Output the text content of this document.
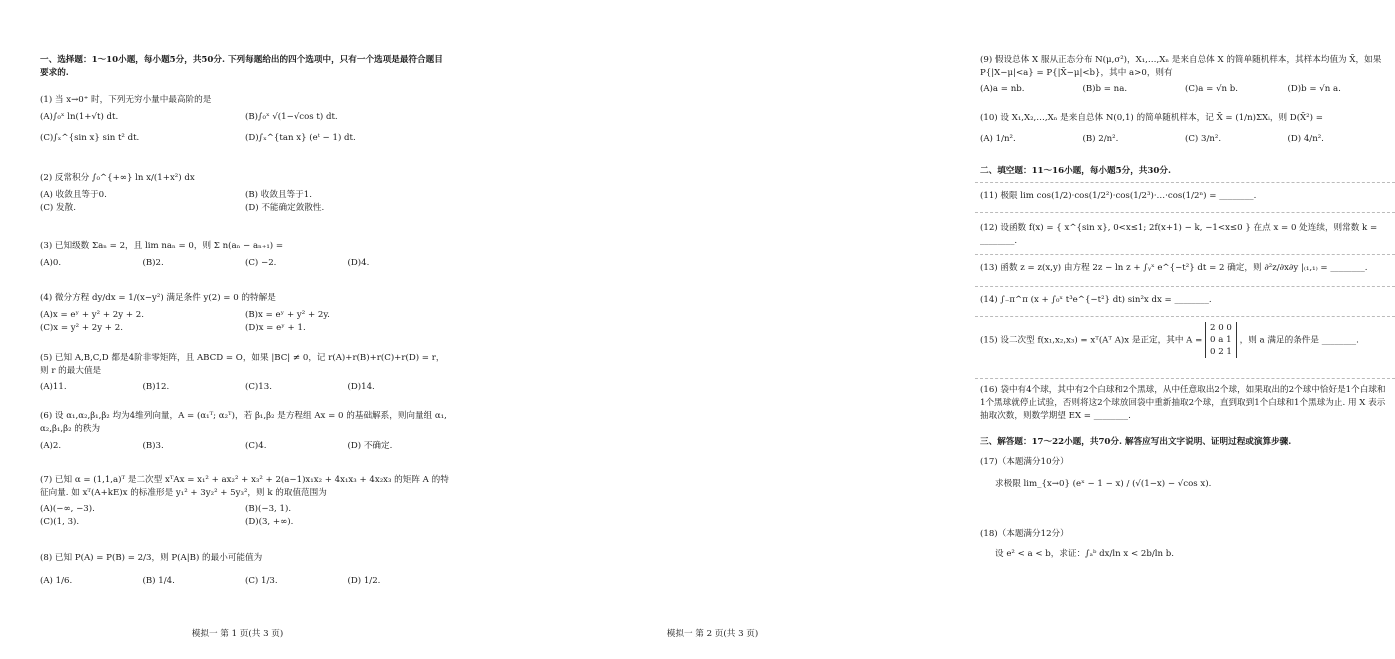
一、选择题：1～10小题，每小题5分，共50分. 下列每题给出的四个选项中，只有一个选项是最符合题目要求的.
(1) 当 x→0⁺ 时，下列无穷小量中最高阶的是
(A)∫₀ˣ ln(1+√t) dt.	(B)∫₀ˣ √(1−√cos t) dt.
(C)∫ₓ^{sin x} sin t² dt.	(D)∫ₓ^{tan x} (eᵗ − 1) dt.
(2) 反常积分 ∫₀^{+∞} ln x/(1+x²) dx
(A) 收敛且等于0.	(B) 收敛且等于1.
(C) 发散.	(D) 不能确定敛散性.
(3) 已知级数 Σaₙ = 2，且 lim naₙ = 0，则 Σ n(aₙ − aₙ₊₁) =
(A)0.	(B)2.	(C) −2.	(D)4.
(4) 微分方程 dy/dx = 1/(x−y²) 满足条件 y(2) = 0 的特解是
(A)x = eʸ + y² + 2y + 2.	(B)x = eʸ + y² + 2y.
(C)x = y² + 2y + 2.	(D)x = eʸ + 1.
(5) 已知 A,B,C,D 都是4阶非零矩阵，且 ABCD = O，如果 |BC| ≠ 0，记 r(A)+r(B)+r(C)+r(D) = r，则 r 的最大值是
(A)11.	(B)12.	(C)13.	(D)14.
(6) 设 α₁,α₂,β₁,β₂ 均为4维列向量，A = (α₁ᵀ; α₂ᵀ)，若 β₁,β₂ 是方程组 Ax = 0 的基础解系，则向量组 α₁, α₂,β₁,β₂ 的秩为
(A)2.	(B)3.	(C)4.	(D) 不确定.
(7) 已知 α = (1,1,a)ᵀ 是二次型 xᵀAx = x₁² + ax₂² + x₃² + 2(a−1)x₁x₂ + 4x₁x₃ + 4x₂x₃ 的矩阵 A 的特征向量. 如 xᵀ(A+kE)x 的标准形是 y₁² + 3y₂² + 5y₃²，则 k 的取值范围为
(A)(−∞, −3).	(B)(−3, 1).
(C)(1, 3).	(D)(3, +∞).
(8) 已知 P(A) = P(B) = 2/3，则 P(A|B) 的最小可能值为
(A) 1/6.	(B) 1/4.	(C) 1/3.	(D) 1/2.
模拟一 第 1 页(共 3 页)
(9) 假设总体 X 服从正态分布 N(μ,σ²)，X₁,…,Xₙ 是来自总体 X 的简单随机样本，其样本均值为 X̄，如果 P{|X−μ|<a} = P{|X̄−μ|<b}，其中 a>0，则有
(A)a = nb.	(B)b = na.	(C)a = √n b.	(D)b = √n a.
(10) 设 X₁,X₂,…,Xₙ 是来自总体 N(0,1) 的简单随机样本，记 X̄ = (1/n)ΣXᵢ，则 D(X̄²) =
(A) 1/n².	(B) 2/n².	(C) 3/n².	(D) 4/n².
二、填空题：11～16小题，每小题5分，共30分.
(11) 极限 lim cos(1/2)·cos(1/2²)·cos(1/2³)·…·cos(1/2ⁿ) = ________.
(12) 设函数 f(x) = { x^{sin x}, 0<x≤1; 2f(x+1) − k, −1<x≤0 } 在点 x = 0 处连续，则常数 k = ________.
(13) 函数 z = z(x,y) 由方程 2z − ln z + ∫ᵧˣ e^{−t²} dt = 2 确定，则 ∂²z/∂x∂y |₍₁,₁₎ = ________.
(14) ∫₋π^π (x + ∫₀ˣ t³e^{−t²} dt) sin²x dx = ________.
(15) 设二次型 f(x₁,x₂,x₃) = xᵀ(Aᵀ A)x 是正定，其中 A =
2 0 0
0 a 1
0 2 1
，则 a 满足的条件是 ________.
(16) 袋中有4个球，其中有2个白球和2个黑球，从中任意取出2个球，如果取出的2个球中恰好是1个白球和1个黑球就停止试验，否则将这2个球放回袋中重新抽取2个球，直到取到1个白球和1个黑球为止. 用 X 表示抽取次数，则数学期望 EX = ________.
三、解答题：17～22小题，共70分. 解答应写出文字说明、证明过程或演算步骤.
(17)（本题满分10分）
求极限 lim_{x→0} (eˣ − 1 − x) / (√(1−x) − √cos x).
(18)（本题满分12分）
设 e² < a < b，求证：∫ₐᵇ dx/ln x < 2b/ln b.
模拟一 第 2 页(共 3 页)
